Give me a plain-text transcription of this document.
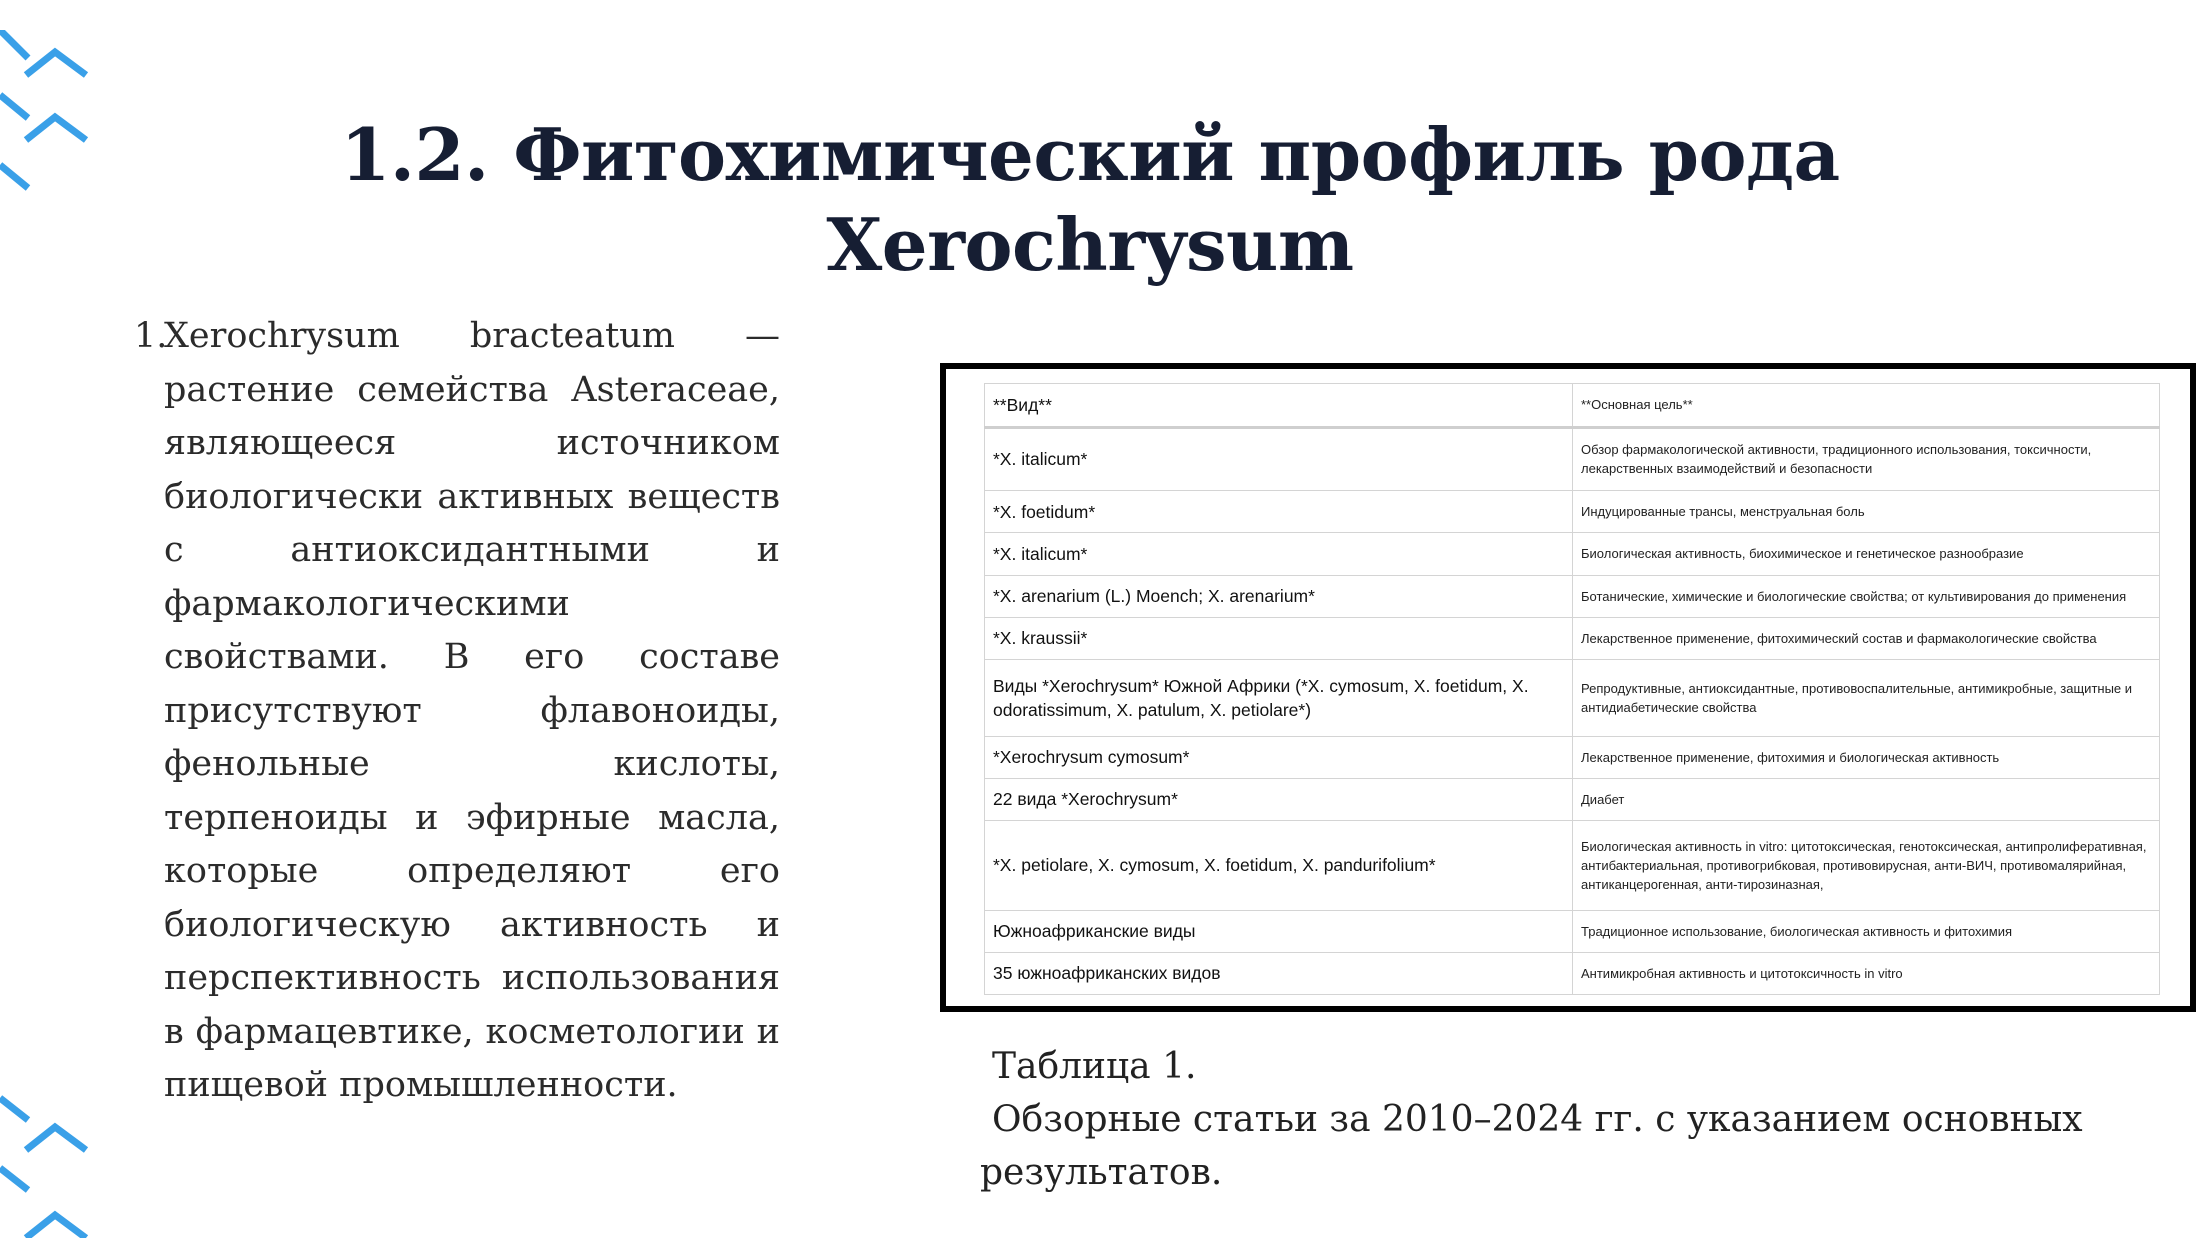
1.2. Фитохимический профиль рода
Xerochrysum
1.
Xerochrysum bracteatum — растение семейства Asteraceae, являющееся источником биологически активных веществ с антиоксидантными и фармакологическими свойствами. В его составе присутствуют флавоноиды, фенольные кислоты, терпеноиды и эфирные масла, которые определяют его биологическую активность и перспективность использования в фармацевтике, косметологии и пищевой промышленности.
**Вид**	**Основная цель**
*X. italicum*	Обзор фармакологической активности, традиционного использования, токсичности, лекарственных взаимодействий и безопасности
*X. foetidum*	Индуцированные трансы, менструальная боль
*X. italicum*	Биологическая активность, биохимическое и генетическое разнообразие
*X. arenarium (L.) Moench; X. arenarium*	Ботанические, химические и биологические свойства; от культивирования до применения
*X. kraussii*	Лекарственное применение, фитохимический состав и фармакологические свойства
Виды *Xerochrysum* Южной Африки (*X. cymosum, X. foetidum, X. odoratissimum, X. patulum, X. petiolare*)	Репродуктивные, антиоксидантные, противовоспалительные, антимикробные, защитные и антидиабетические свойства
*Xerochrysum cymosum*	Лекарственное применение, фитохимия и биологическая активность
22 вида *Xerochrysum*	Диабет
*X. petiolare, X. cymosum, X. foetidum, X. pandurifolium*	Биологическая активность in vitro: цитотоксическая, генотоксическая, антипролиферативная, антибактериальная, противогрибковая, противовирусная, анти-ВИЧ, противомалярийная, антиканцерогенная, анти-тирозиназная,
Южноафриканские виды	Традиционное использование, биологическая активность и фитохимия
35 южноафриканских видов	Антимикробная активность и цитотоксичность in vitro
Таблица 1.
Обзорные статьи за 2010–2024 гг. с указанием основных
результатов.
